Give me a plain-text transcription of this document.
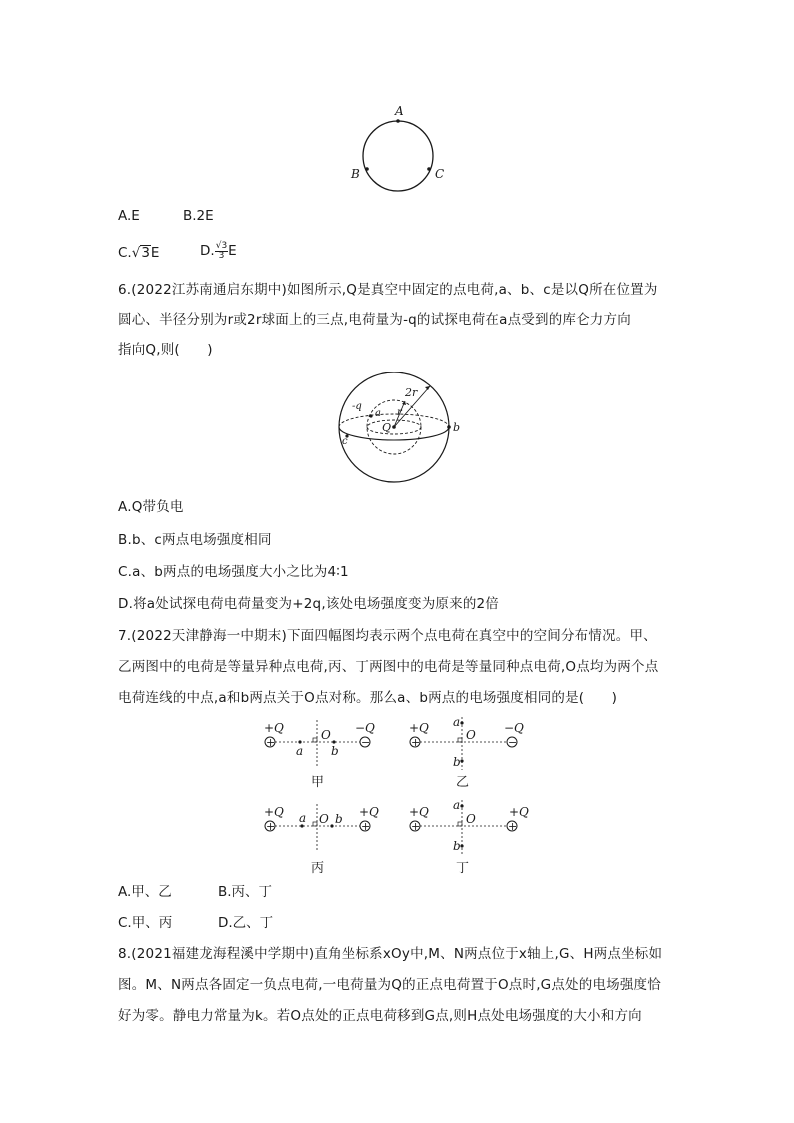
A
B	C
A.E	B.2E
C.√3E	D. $\frac{√3}{3}$ E
6.(2022江苏南通启东期中)如图所示,Q是真空中固定的点电荷,a、b、c是以Q所在位置为
圆心、半径分别为r或2r球面上的三点,电荷量为-q的试探电荷在a点受到的库仑力方向
指向Q,则(　　)
-q
a r
2r
Q	b
c
A.Q带负电
B.b、c两点电场强度相同
C.a、b两点的电场强度大小之比为4∶1
D.将a处试探电荷电荷量变为+2q,该处电场强度变为原来的2倍
7.(2022天津静海一中期末)下面四幅图均表示两个点电荷在真空中的空间分布情况。甲、
乙两图中的电荷是等量异种点电荷,丙、丁两图中的电荷是等量同种点电荷,O点均为两个点
电荷连线的中点,a和b两点关于O点对称。那么a、b两点的电场强度相同的是(　　)
+	−
+Q	−Q
O
a b
甲
+	−
+Q	−Q
O
a
b
乙
+	+
+Q	+Q
a O b
丙
+	+
+Q	+Q
O
a
b
丁
A.甲、乙	B.丙、丁
C.甲、丙	D.乙、丁
8.(2021福建龙海程溪中学期中)直角坐标系xOy中,M、N两点位于x轴上,G、H两点坐标如
图。M、N两点各固定一负点电荷,一电荷量为Q的正点电荷置于O点时,G点处的电场强度恰
好为零。静电力常量为k。若O点处的正点电荷移到G点,则H点处电场强度的大小和方向
